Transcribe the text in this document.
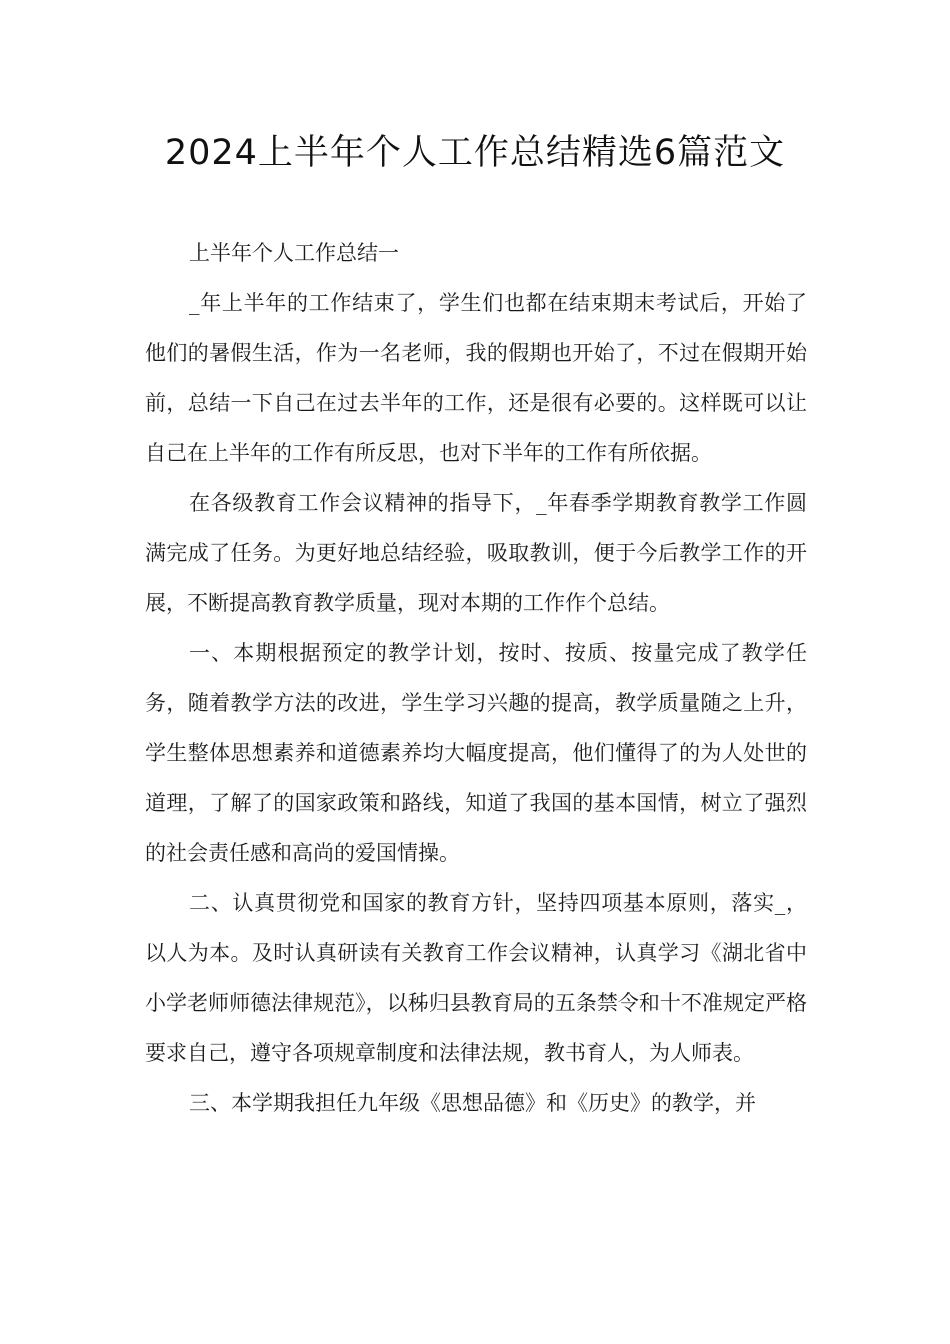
2024上半年个人工作总结精选6篇范文

上半年个人工作总结一

_年上半年的工作结束了，学生们也都在结束期末考试后，开始了他们的暑假生活，作为一名老师，我的假期也开始了，不过在假期开始前，总结一下自己在过去半年的工作，还是很有必要的。这样既可以让自己在上半年的工作有所反思，也对下半年的工作有所依据。

在各级教育工作会议精神的指导下，_年春季学期教育教学工作圆满完成了任务。为更好地总结经验，吸取教训，便于今后教学工作的开展，不断提高教育教学质量，现对本期的工作作个总结。

一、本期根据预定的教学计划，按时、按质、按量完成了教学任务，随着教学方法的改进，学生学习兴趣的提高，教学质量随之上升，学生整体思想素养和道德素养均大幅度提高，他们懂得了的为人处世的道理，了解了的国家政策和路线，知道了我国的基本国情，树立了强烈的社会责任感和高尚的爱国情操。

二、认真贯彻党和国家的教育方针，坚持四项基本原则，落实_，以人为本。及时认真研读有关教育工作会议精神，认真学习《湖北省中小学老师师德法律规范》，以秭归县教育局的五条禁令和十不准规定严格要求自己，遵守各项规章制度和法律法规，教书育人，为人师表。

三、本学期我担任九年级《思想品德》和《历史》的教学，并
